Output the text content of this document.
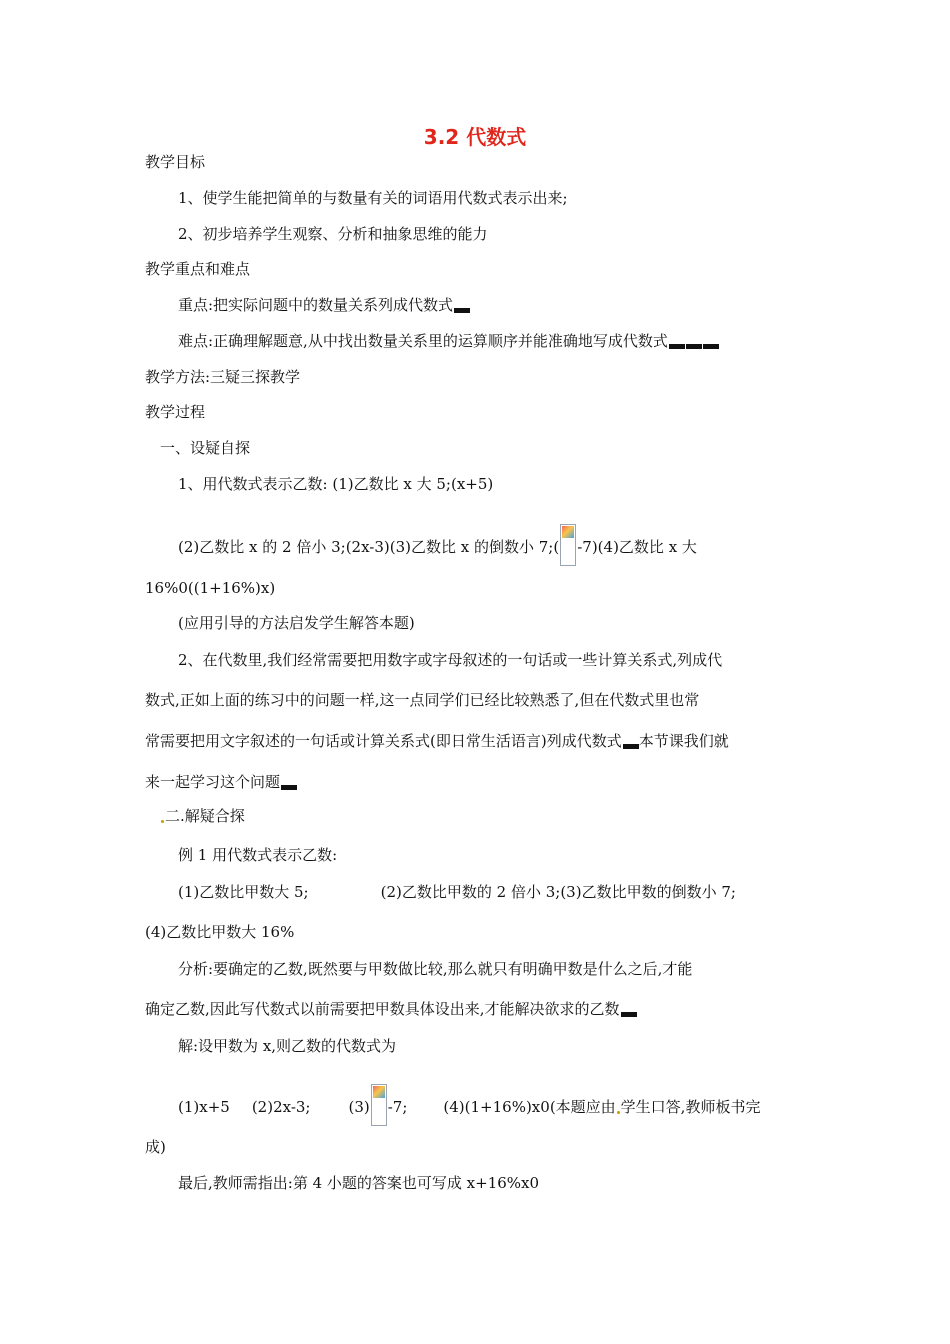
3.2 代数式
教学目标
1、使学生能把简单的与数量有关的词语用代数式表示出来;
2、初步培养学生观察、分析和抽象思维的能力
教学重点和难点
重点:把实际问题中的数量关系列成代数式
难点:正确理解题意,从中找出数量关系里的运算顺序并能准确地写成代数式
教学方法:三疑三探教学
教学过程
一、设疑自探
1、用代数式表示乙数: (1)乙数比 x 大 5;(x+5)
(2)乙数比 x 的 2 倍小 3;(2x-3)(3)乙数比 x 的倒数小 7;( -7)(4)乙数比 x 大
16%0((1+16%)x)
(应用引导的方法启发学生解答本题)
2、在代数里,我们经常需要把用数字或字母叙述的一句话或一些计算关系式,列成代
数式,正如上面的练习中的问题一样,这一点同学们已经比较熟悉了,但在代数式里也常
常需要把用文字叙述的一句话或计算关系式(即日常生活语言)列成代数式 本节课我们就
来一起学习这个问题
二.解疑合探
例 1 用代数式表示乙数:
(1)乙数比甲数大 5;	(2)乙数比甲数的 2 倍小 3;(3)乙数比甲数的倒数小 7;
(4)乙数比甲数大 16%
分析:要确定的乙数,既然要与甲数做比较,那么就只有明确甲数是什么之后,才能
确定乙数,因此写代数式以前需要把甲数具体设出来,才能解决欲求的乙数
解:设甲数为 x,则乙数的代数式为
(1)x+5 (2)2x-3;	(3) -7; (4)(1+16%)x0(本题应由 学生口答,教师板书完
成)
最后,教师需指出:第 4 小题的答案也可写成 x+16%x0
